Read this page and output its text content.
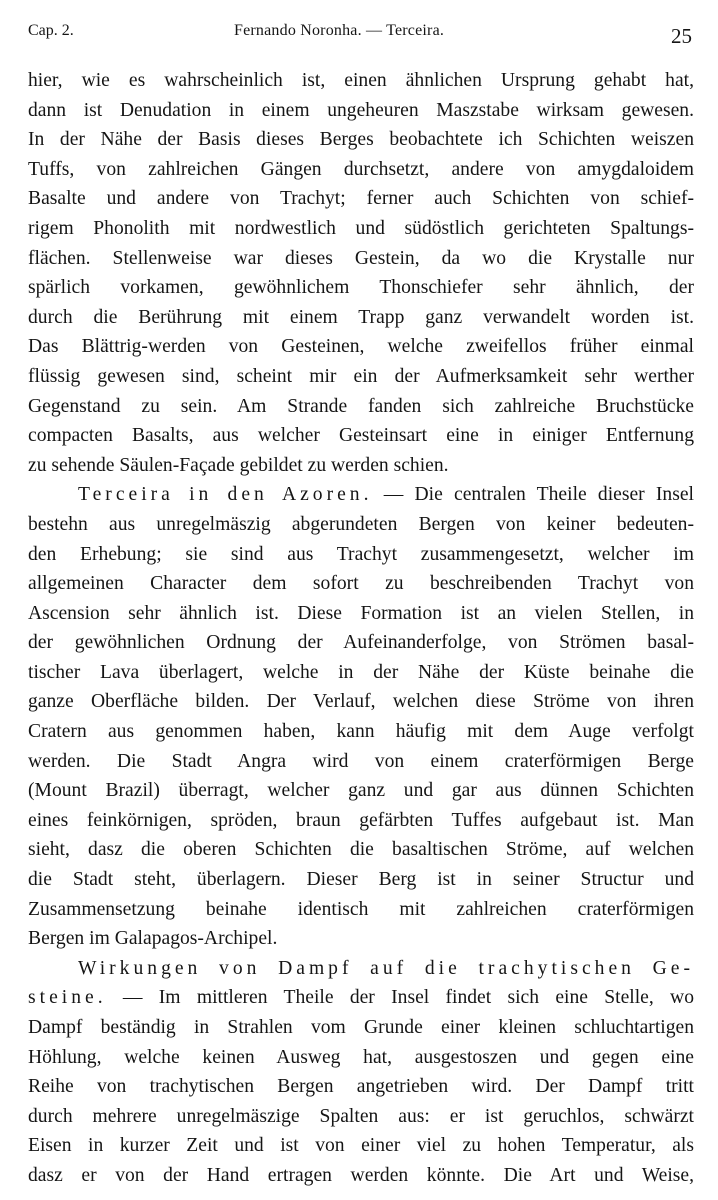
Cap. 2.	Fernando Noronha. — Terceira.	25
hier, wie es wahrscheinlich ist, einen ähnlichen Ursprung gehabt hat,
dann ist Denudation in einem ungeheuren Maszstabe wirksam gewesen.
In der Nähe der Basis dieses Berges beobachtete ich Schichten weiszen
Tuffs, von zahlreichen Gängen durchsetzt, andere von amygdaloidem
Basalte und andere von Trachyt; ferner auch Schichten von schief-
rigem Phonolith mit nordwestlich und südöstlich gerichteten Spaltungs-
flächen. Stellenweise war dieses Gestein, da wo die Krystalle nur
spärlich vorkamen, gewöhnlichem Thonschiefer sehr ähnlich, der
durch die Berührung mit einem Trapp ganz verwandelt worden ist.
Das Blättrig-werden von Gesteinen, welche zweifellos früher einmal
flüssig gewesen sind, scheint mir ein der Aufmerksamkeit sehr werther
Gegenstand zu sein. Am Strande fanden sich zahlreiche Bruchstücke
compacten Basalts, aus welcher Gesteinsart eine in einiger Entfernung
zu sehende Säulen-Façade gebildet zu werden schien.
Terceira in den Azoren. — Die centralen Theile dieser Insel
bestehn aus unregelmäszig abgerundeten Bergen von keiner bedeuten-
den Erhebung; sie sind aus Trachyt zusammengesetzt, welcher im
allgemeinen Character dem sofort zu beschreibenden Trachyt von
Ascension sehr ähnlich ist. Diese Formation ist an vielen Stellen, in
der gewöhnlichen Ordnung der Aufeinanderfolge, von Strömen basal-
tischer Lava überlagert, welche in der Nähe der Küste beinahe die
ganze Oberfläche bilden. Der Verlauf, welchen diese Ströme von ihren
Cratern aus genommen haben, kann häufig mit dem Auge verfolgt
werden. Die Stadt Angra wird von einem craterförmigen Berge
(Mount Brazil) überragt, welcher ganz und gar aus dünnen Schichten
eines feinkörnigen, spröden, braun gefärbten Tuffes aufgebaut ist. Man
sieht, dasz die oberen Schichten die basaltischen Ströme, auf welchen
die Stadt steht, überlagern. Dieser Berg ist in seiner Structur und
Zusammensetzung beinahe identisch mit zahlreichen craterförmigen
Bergen im Galapagos-Archipel.
Wirkungen von Dampf auf die trachytischen Ge-
steine. — Im mittleren Theile der Insel findet sich eine Stelle, wo
Dampf beständig in Strahlen vom Grunde einer kleinen schluchtartigen
Höhlung, welche keinen Ausweg hat, ausgestoszen und gegen eine
Reihe von trachytischen Bergen angetrieben wird. Der Dampf tritt
durch mehrere unregelmäszige Spalten aus: er ist geruchlos, schwärzt
Eisen in kurzer Zeit und ist von einer viel zu hohen Temperatur, als
dasz er von der Hand ertragen werden könnte. Die Art und Weise,
